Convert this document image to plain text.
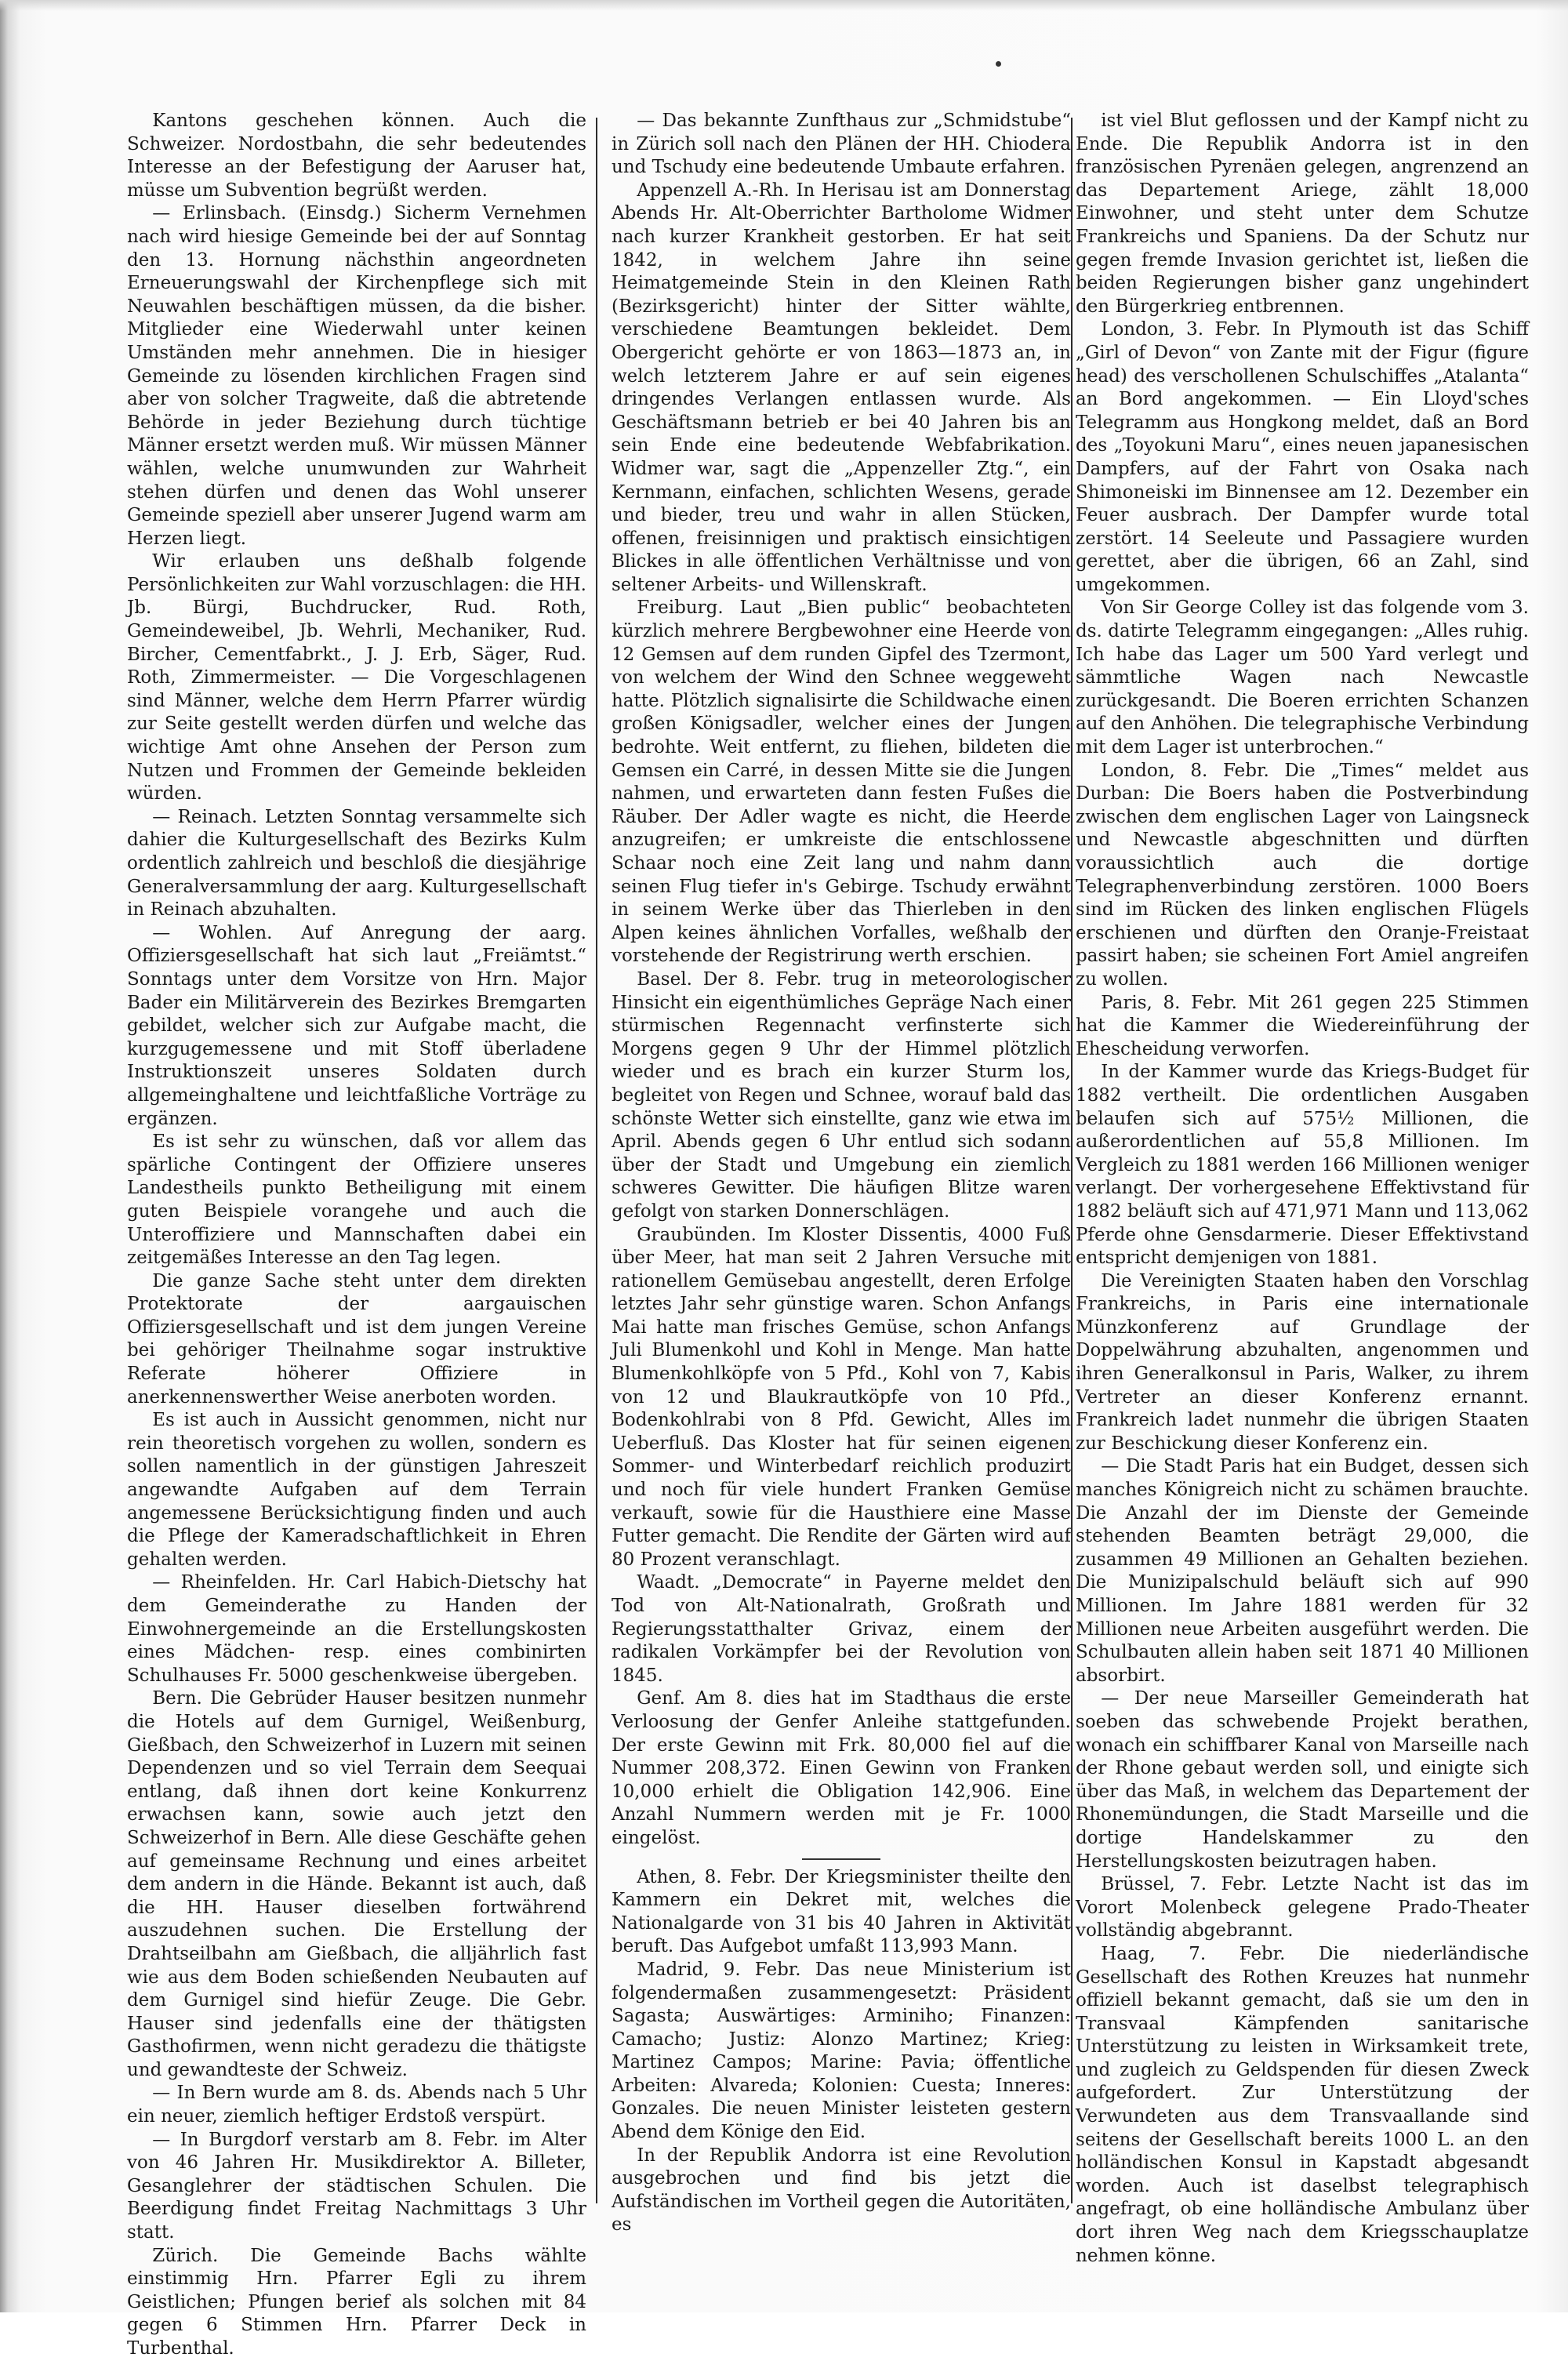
Kantons geschehen können. Auch die Schweizer. Nordostbahn, die sehr bedeutendes Interesse an der Befestigung der Aaruser hat, müsse um Subvention begrüßt werden.

— Erlinsbach. (Einsdg.) Sicherm Vernehmen nach wird hiesige Gemeinde bei der auf Sonntag den 13. Hornung nächsthin angeordneten Erneuerungswahl der Kirchenpflege sich mit Neuwahlen beschäftigen müssen, da die bisher. Mitglieder eine Wiederwahl unter keinen Umständen mehr annehmen. Die in hiesiger Gemeinde zu lösenden kirchlichen Fragen sind aber von solcher Tragweite, daß die abtretende Behörde in jeder Beziehung durch tüchtige Männer ersetzt werden muß. Wir müssen Männer wählen, welche unumwunden zur Wahrheit stehen dürfen und denen das Wohl unserer Gemeinde speziell aber unserer Jugend warm am Herzen liegt.

Wir erlauben uns deßhalb folgende Persönlichkeiten zur Wahl vorzuschlagen: die HH. Jb. Bürgi, Buchdrucker, Rud. Roth, Gemeindeweibel, Jb. Wehrli, Mechaniker, Rud. Bircher, Cementfabrkt., J. J. Erb, Säger, Rud. Roth, Zimmermeister. — Die Vorgeschlagenen sind Männer, welche dem Herrn Pfarrer würdig zur Seite gestellt werden dürfen und welche das wichtige Amt ohne Ansehen der Person zum Nutzen und Frommen der Gemeinde bekleiden würden.

— Reinach. Letzten Sonntag versammelte sich dahier die Kulturgesellschaft des Bezirks Kulm ordentlich zahlreich und beschloß die diesjährige Generalversammlung der aarg. Kulturgesellschaft in Reinach abzuhalten.

— Wohlen. Auf Anregung der aarg. Offiziersgesellschaft hat sich laut „Freiämtst.“ Sonntags unter dem Vorsitze von Hrn. Major Bader ein Militärverein des Bezirkes Bremgarten gebildet, welcher sich zur Aufgabe macht, die kurzgugemessene und mit Stoff überladene Instruktionszeit unseres Soldaten durch allgemeinghaltene und leichtfaßliche Vorträge zu ergänzen.

Es ist sehr zu wünschen, daß vor allem das spärliche Contingent der Offiziere unseres Landestheils punkto Betheiligung mit einem guten Beispiele vorangehe und auch die Unteroffiziere und Mannschaften dabei ein zeitgemäßes Interesse an den Tag legen.

Die ganze Sache steht unter dem direkten Protektorate der aargauischen Offiziersgesellschaft und ist dem jungen Vereine bei gehöriger Theilnahme sogar instruktive Referate höherer Offiziere in anerkennenswerther Weise anerboten worden.

Es ist auch in Aussicht genommen, nicht nur rein theoretisch vorgehen zu wollen, sondern es sollen namentlich in der günstigen Jahreszeit angewandte Aufgaben auf dem Terrain angemessene Berücksichtigung finden und auch die Pflege der Kameradschaftlichkeit in Ehren gehalten werden.

— Rheinfelden. Hr. Carl Habich-Dietschy hat dem Gemeinderathe zu Handen der Einwohnergemeinde an die Erstellungskosten eines Mädchen- resp. eines combinirten Schulhauses Fr. 5000 geschenkweise übergeben.

Bern. Die Gebrüder Hauser besitzen nunmehr die Hotels auf dem Gurnigel, Weißenburg, Gießbach, den Schweizerhof in Luzern mit seinen Dependenzen und so viel Terrain dem Seequai entlang, daß ihnen dort keine Konkurrenz erwachsen kann, sowie auch jetzt den Schweizerhof in Bern. Alle diese Geschäfte gehen auf gemeinsame Rechnung und eines arbeitet dem andern in die Hände. Bekannt ist auch, daß die HH. Hauser dieselben fortwährend auszudehnen suchen. Die Erstellung der Drahtseilbahn am Gießbach, die alljährlich fast wie aus dem Boden schießenden Neubauten auf dem Gurnigel sind hiefür Zeuge. Die Gebr. Hauser sind jedenfalls eine der thätigsten Gasthofirmen, wenn nicht geradezu die thätigste und gewandteste der Schweiz.

— In Bern wurde am 8. ds. Abends nach 5 Uhr ein neuer, ziemlich heftiger Erdstoß verspürt.

— In Burgdorf verstarb am 8. Febr. im Alter von 46 Jahren Hr. Musikdirektor A. Billeter, Gesanglehrer der städtischen Schulen. Die Beerdigung findet Freitag Nachmittags 3 Uhr statt.

Zürich. Die Gemeinde Bachs wählte einstimmig Hrn. Pfarrer Egli zu ihrem Geistlichen; Pfungen berief als solchen mit 84 gegen 6 Stimmen Hrn. Pfarrer Deck in Turbenthal.

— Das bekannte Zunfthaus zur „Schmidstube“ in Zürich soll nach den Plänen der HH. Chiodera und Tschudy eine bedeutende Umbaute erfahren.

Appenzell A.-Rh. In Herisau ist am Donnerstag Abends Hr. Alt-Oberrichter Bartholome Widmer nach kurzer Krankheit gestorben. Er hat seit 1842, in welchem Jahre ihn seine Heimatgemeinde Stein in den Kleinen Rath (Bezirksgericht) hinter der Sitter wählte, verschiedene Beamtungen bekleidet. Dem Obergericht gehörte er von 1863—1873 an, in welch letzterem Jahre er auf sein eigenes dringendes Verlangen entlassen wurde. Als Geschäftsmann betrieb er bei 40 Jahren bis an sein Ende eine bedeutende Webfabrikation. Widmer war, sagt die „Appenzeller Ztg.“, ein Kernmann, einfachen, schlichten Wesens, gerade und bieder, treu und wahr in allen Stücken, offenen, freisinnigen und praktisch einsichtigen Blickes in alle öffentlichen Verhältnisse und von seltener Arbeits- und Willenskraft.

Freiburg. Laut „Bien public“ beobachteten kürzlich mehrere Bergbewohner eine Heerde von 12 Gemsen auf dem runden Gipfel des Tzermont, von welchem der Wind den Schnee weggeweht hatte. Plötzlich signalisirte die Schildwache einen großen Königsadler, welcher eines der Jungen bedrohte. Weit entfernt, zu fliehen, bildeten die Gemsen ein Carré, in dessen Mitte sie die Jungen nahmen, und erwarteten dann festen Fußes die Räuber. Der Adler wagte es nicht, die Heerde anzugreifen; er umkreiste die entschlossene Schaar noch eine Zeit lang und nahm dann seinen Flug tiefer in's Gebirge. Tschudy erwähnt in seinem Werke über das Thierleben in den Alpen keines ähnlichen Vorfalles, weßhalb der vorstehende der Registrirung werth erschien.

Basel. Der 8. Febr. trug in meteorologischer Hinsicht ein eigenthümliches Gepräge Nach einer stürmischen Regennacht verfinsterte sich Morgens gegen 9 Uhr der Himmel plötzlich wieder und es brach ein kurzer Sturm los, begleitet von Regen und Schnee, worauf bald das schönste Wetter sich einstellte, ganz wie etwa im April. Abends gegen 6 Uhr entlud sich sodann über der Stadt und Umgebung ein ziemlich schweres Gewitter. Die häufigen Blitze waren gefolgt von starken Donnerschlägen.

Graubünden. Im Kloster Dissentis, 4000 Fuß über Meer, hat man seit 2 Jahren Versuche mit rationellem Gemüsebau angestellt, deren Erfolge letztes Jahr sehr günstige waren. Schon Anfangs Mai hatte man frisches Gemüse, schon Anfangs Juli Blumenkohl und Kohl in Menge. Man hatte Blumenkohlköpfe von 5 Pfd., Kohl von 7, Kabis von 12 und Blaukrautköpfe von 10 Pfd., Bodenkohlrabi von 8 Pfd. Gewicht, Alles im Ueberfluß. Das Kloster hat für seinen eigenen Sommer- und Winterbedarf reichlich produzirt und noch für viele hundert Franken Gemüse verkauft, sowie für die Hausthiere eine Masse Futter gemacht. Die Rendite der Gärten wird auf 80 Prozent veranschlagt.

Waadt. „Democrate“ in Payerne meldet den Tod von Alt-Nationalrath, Großrath und Regierungsstatthalter Grivaz, einem der radikalen Vorkämpfer bei der Revolution von 1845.

Genf. Am 8. dies hat im Stadthaus die erste Verloosung der Genfer Anleihe stattgefunden. Der erste Gewinn mit Frk. 80,000 fiel auf die Nummer 208,372. Einen Gewinn von Franken 10,000 erhielt die Obligation 142,906. Eine Anzahl Nummern werden mit je Fr. 1000 eingelöst.

Athen, 8. Febr. Der Kriegsminister theilte den Kammern ein Dekret mit, welches die Nationalgarde von 31 bis 40 Jahren in Aktivität beruft. Das Aufgebot umfaßt 113,993 Mann.

Madrid, 9. Febr. Das neue Ministerium ist folgendermaßen zusammengesetzt: Präsident Sagasta; Auswärtiges: Arminiho; Finanzen: Camacho; Justiz: Alonzo Martinez; Krieg: Martinez Campos; Marine: Pavia; öffentliche Arbeiten: Alvareda; Kolonien: Cuesta; Inneres: Gonzales. Die neuen Minister leisteten gestern Abend dem Könige den Eid.

In der Republik Andorra ist eine Revolution ausgebrochen und find bis jetzt die Aufständischen im Vortheil gegen die Autoritäten, es

ist viel Blut geflossen und der Kampf nicht zu Ende. Die Republik Andorra ist in den französischen Pyrenäen gelegen, angrenzend an das Departement Ariege, zählt 18,000 Einwohner, und steht unter dem Schutze Frankreichs und Spaniens. Da der Schutz nur gegen fremde Invasion gerichtet ist, ließen die beiden Regierungen bisher ganz ungehindert den Bürgerkrieg entbrennen.

London, 3. Febr. In Plymouth ist das Schiff „Girl of Devon“ von Zante mit der Figur (figure head) des verschollenen Schulschiffes „Atalanta“ an Bord angekommen. — Ein Lloyd'sches Telegramm aus Hongkong meldet, daß an Bord des „Toyokuni Maru“, eines neuen japanesischen Dampfers, auf der Fahrt von Osaka nach Shimoneiski im Binnensee am 12. Dezember ein Feuer ausbrach. Der Dampfer wurde total zerstört. 14 Seeleute und Passagiere wurden gerettet, aber die übrigen, 66 an Zahl, sind umgekommen.

Von Sir George Colley ist das folgende vom 3. ds. datirte Telegramm eingegangen: „Alles ruhig. Ich habe das Lager um 500 Yard verlegt und sämmtliche Wagen nach Newcastle zurückgesandt. Die Boeren errichten Schanzen auf den Anhöhen. Die telegraphische Verbindung mit dem Lager ist unterbrochen.“

London, 8. Febr. Die „Times“ meldet aus Durban: Die Boers haben die Postverbindung zwischen dem englischen Lager von Laingsneck und Newcastle abgeschnitten und dürften voraussichtlich auch die dortige Telegraphenverbindung zerstören. 1000 Boers sind im Rücken des linken englischen Flügels erschienen und dürften den Oranje-Freistaat passirt haben; sie scheinen Fort Amiel angreifen zu wollen.

Paris, 8. Febr. Mit 261 gegen 225 Stimmen hat die Kammer die Wiedereinführung der Ehescheidung verworfen.

In der Kammer wurde das Kriegs-Budget für 1882 vertheilt. Die ordentlichen Ausgaben belaufen sich auf 575½ Millionen, die außerordentlichen auf 55,8 Millionen. Im Vergleich zu 1881 werden 166 Millionen weniger verlangt. Der vorhergesehene Effektivstand für 1882 beläuft sich auf 471,971 Mann und 113,062 Pferde ohne Gensdarmerie. Dieser Effektivstand entspricht demjenigen von 1881.

Die Vereinigten Staaten haben den Vorschlag Frankreichs, in Paris eine internationale Münzkonferenz auf Grundlage der Doppelwährung abzuhalten, angenommen und ihren Generalkonsul in Paris, Walker, zu ihrem Vertreter an dieser Konferenz ernannt. Frankreich ladet nunmehr die übrigen Staaten zur Beschickung dieser Konferenz ein.

— Die Stadt Paris hat ein Budget, dessen sich manches Königreich nicht zu schämen brauchte. Die Anzahl der im Dienste der Gemeinde stehenden Beamten beträgt 29,000, die zusammen 49 Millionen an Gehalten beziehen. Die Munizipalschuld beläuft sich auf 990 Millionen. Im Jahre 1881 werden für 32 Millionen neue Arbeiten ausgeführt werden. Die Schulbauten allein haben seit 1871 40 Millionen absorbirt.

— Der neue Marseiller Gemeinderath hat soeben das schwebende Projekt berathen, wonach ein schiffbarer Kanal von Marseille nach der Rhone gebaut werden soll, und einigte sich über das Maß, in welchem das Departement der Rhonemündungen, die Stadt Marseille und die dortige Handelskammer zu den Herstellungskosten beizutragen haben.

Brüssel, 7. Febr. Letzte Nacht ist das im Vorort Molenbeck gelegene Prado-Theater vollständig abgebrannt.

Haag, 7. Febr. Die niederländische Gesellschaft des Rothen Kreuzes hat nunmehr offiziell bekannt gemacht, daß sie um den in Transvaal Kämpfenden sanitarische Unterstützung zu leisten in Wirksamkeit trete, und zugleich zu Geldspenden für diesen Zweck aufgefordert. Zur Unterstützung der Verwundeten aus dem Transvaallande sind seitens der Gesellschaft bereits 1000 L. an den holländischen Konsul in Kapstadt abgesandt worden. Auch ist daselbst telegraphisch angefragt, ob eine holländische Ambulanz über dort ihren Weg nach dem Kriegsschauplatze nehmen könne.
